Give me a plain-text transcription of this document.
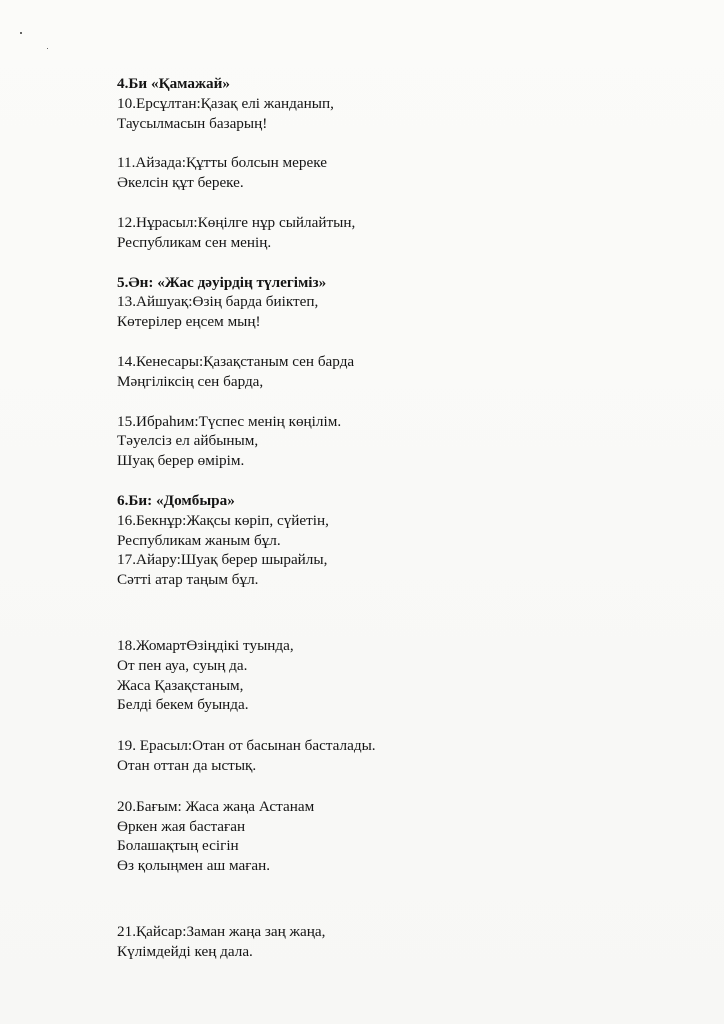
4.Би «Қамажай»
10.Ерсұлтан:Қазақ елі жанданып,
Таусылмасын базарың!
11.Айзада:Құтты болсын мереке
Әкелсін құт береке.
12.Нұрасыл:Көңілге нұр сыйлайтын,
Республикам сен менің.
5.Ән: «Жас дәуірдің түлегіміз»
13.Айшуақ:Өзің барда биіктеп,
Көтерілер еңсем мың!
14.Кенесары:Қазақстаным сен барда
Мәңгіліксің сен барда,
15.Ибраһим:Түспес менің көңілім.
Тәуелсіз ел айбыным,
Шуақ берер өмірім.
6.Би: «Домбыра»
16.Бекнұр:Жақсы көріп, сүйетін,
Республикам жаным бұл.
17.Айару:Шуақ берер шырайлы,
Сәтті атар таңым бұл.
18.ЖомартӨзіңдікі туында,
От пен ауа, суың да.
Жаса Қазақстаным,
Белді бекем буында.
19. Ерасыл:Отан от басынан басталады.
Отан оттан да ыстық.
20.Бағым: Жаса жаңа Астанам
Өркен жая бастаған
Болашақтың есігін
Өз қолыңмен аш маған.
21.Қайсар:Заман жаңа заң жаңа,
Күлімдейді кең дала.
